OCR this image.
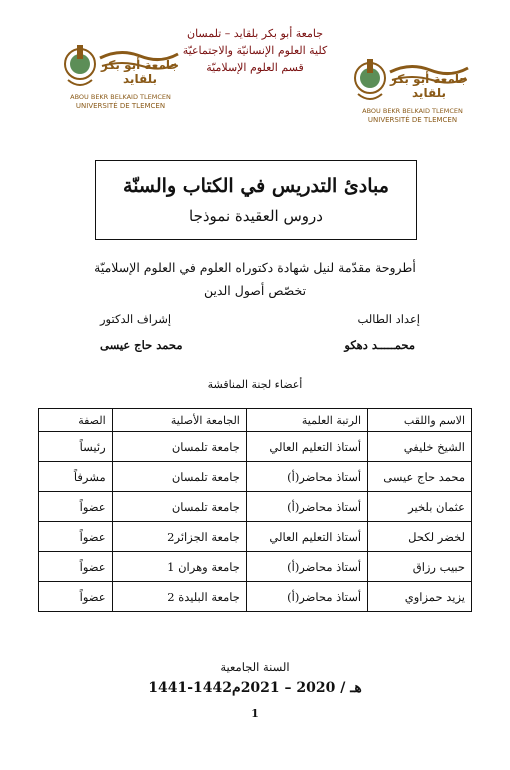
ABOU BEKR BELKAID TLEMCEN
UNIVERSITÉ DE TLEMCEN
جامعة أبو بكر بلقايد	جامعة أبو بكر بلقايد
ABOU BEKR BELKAID TLEMCEN
UNIVERSITÉ DE TLEMCEN
جامعة أبو بكر بلقايد – تلمسان
كلية العلوم الإنسانيّة والاجتماعيّة
قسم العلوم الإسلاميّة
مبادئ التدريس في الكتاب والسنّة
دروس العقيدة نموذجا
أطروحة مقدّمة لنيل شهادة دكتوراه العلوم في العلوم الإسلاميّة
تخصّص أصول الدين
إعداد الطالب
محمـــــد دهكو
إشراف الدكتور
محمد حاج عيسى
أعضاء لجنة المناقشة
الاسم واللقب	الرتبة العلمية	الجامعة الأصلية	الصفة
الشيخ خليفي	أستاذ التعليم العالي	جامعة تلمسان	رئيساً
محمد حاج عيسى	أستاذ محاضر(أ)	جامعة تلمسان	مشرفاً
عثمان بلخير	أستاذ محاضر(أ)	جامعة تلمسان	عضواً
لخضر لكحل	أستاذ التعليم العالي	جامعة الجزائر2	عضواً
حبيب رزاق	أستاذ محاضر(أ)	جامعة وهران 1	عضواً
يزيد حمزاوي	أستاذ محاضر(أ)	جامعة البليدة 2	عضواً
السنة الجامعية
1441-1442هـ / 2020 – 2021م
1
